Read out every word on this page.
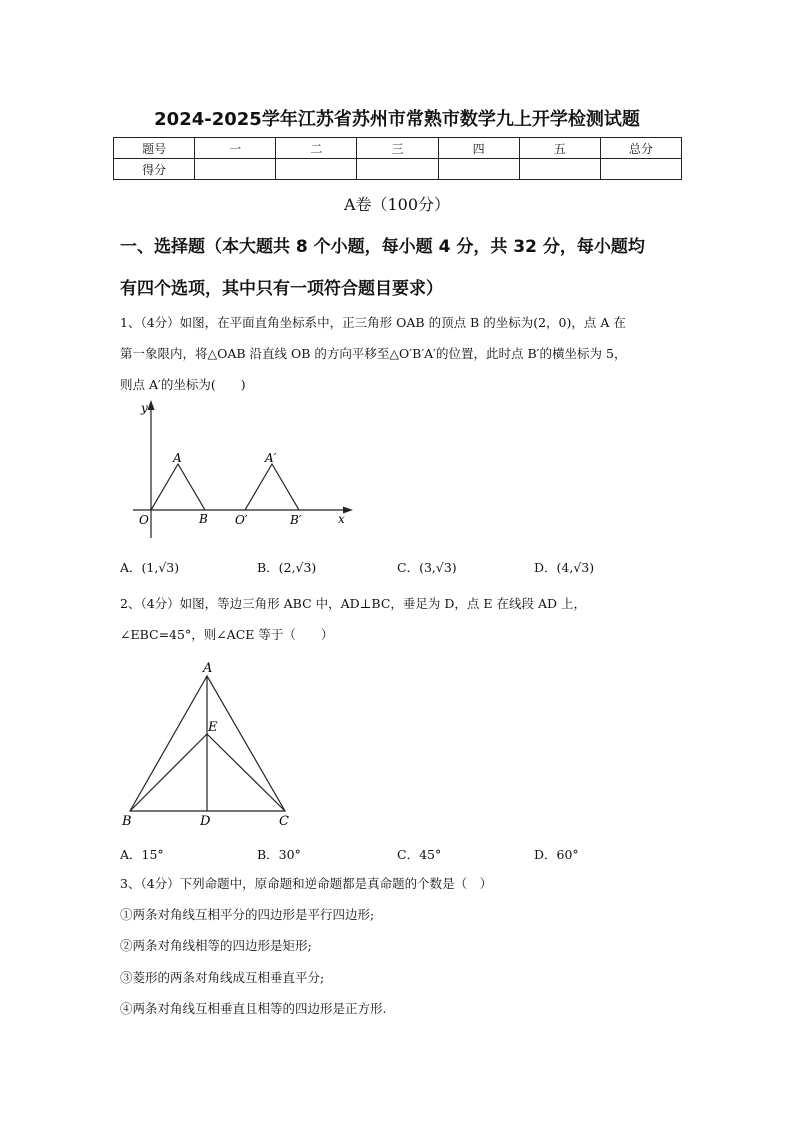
2024-2025学年江苏省苏州市常熟市数学九上开学检测试题
题号	一	二	三	四	五	总分
得分						
A卷（100分）
一、选择题（本大题共 8 个小题，每小题 4 分，共 32 分，每小题均
有四个选项，其中只有一项符合题目要求）
1、（4分）如图，在平面直角坐标系中，正三角形 OAB 的顶点 B 的坐标为(2，0)，点 A 在
第一象限内，将△OAB 沿直线 OB 的方向平移至△O′B′A′的位置，此时点 B′的横坐标为 5，
则点 A′的坐标为(　　)
y
x
O
A
B O′
A′
B′
A．(1,√3)	B．(2,√3)	C．(3,√3)	D．(4,√3)
2、（4分）如图，等边三角形 ABC 中，AD⊥BC，垂足为 D，点 E 在线段 AD 上，
∠EBC=45°，则∠ACE 等于（　　）
A
B	C
D
E
A．15°	B．30°	C．45°	D．60°
3、（4分）下列命题中，原命题和逆命题都是真命题的个数是（　）
①两条对角线互相平分的四边形是平行四边形;
②两条对角线相等的四边形是矩形;
③菱形的两条对角线成互相垂直平分;
④两条对角线互相垂直且相等的四边形是正方形.
